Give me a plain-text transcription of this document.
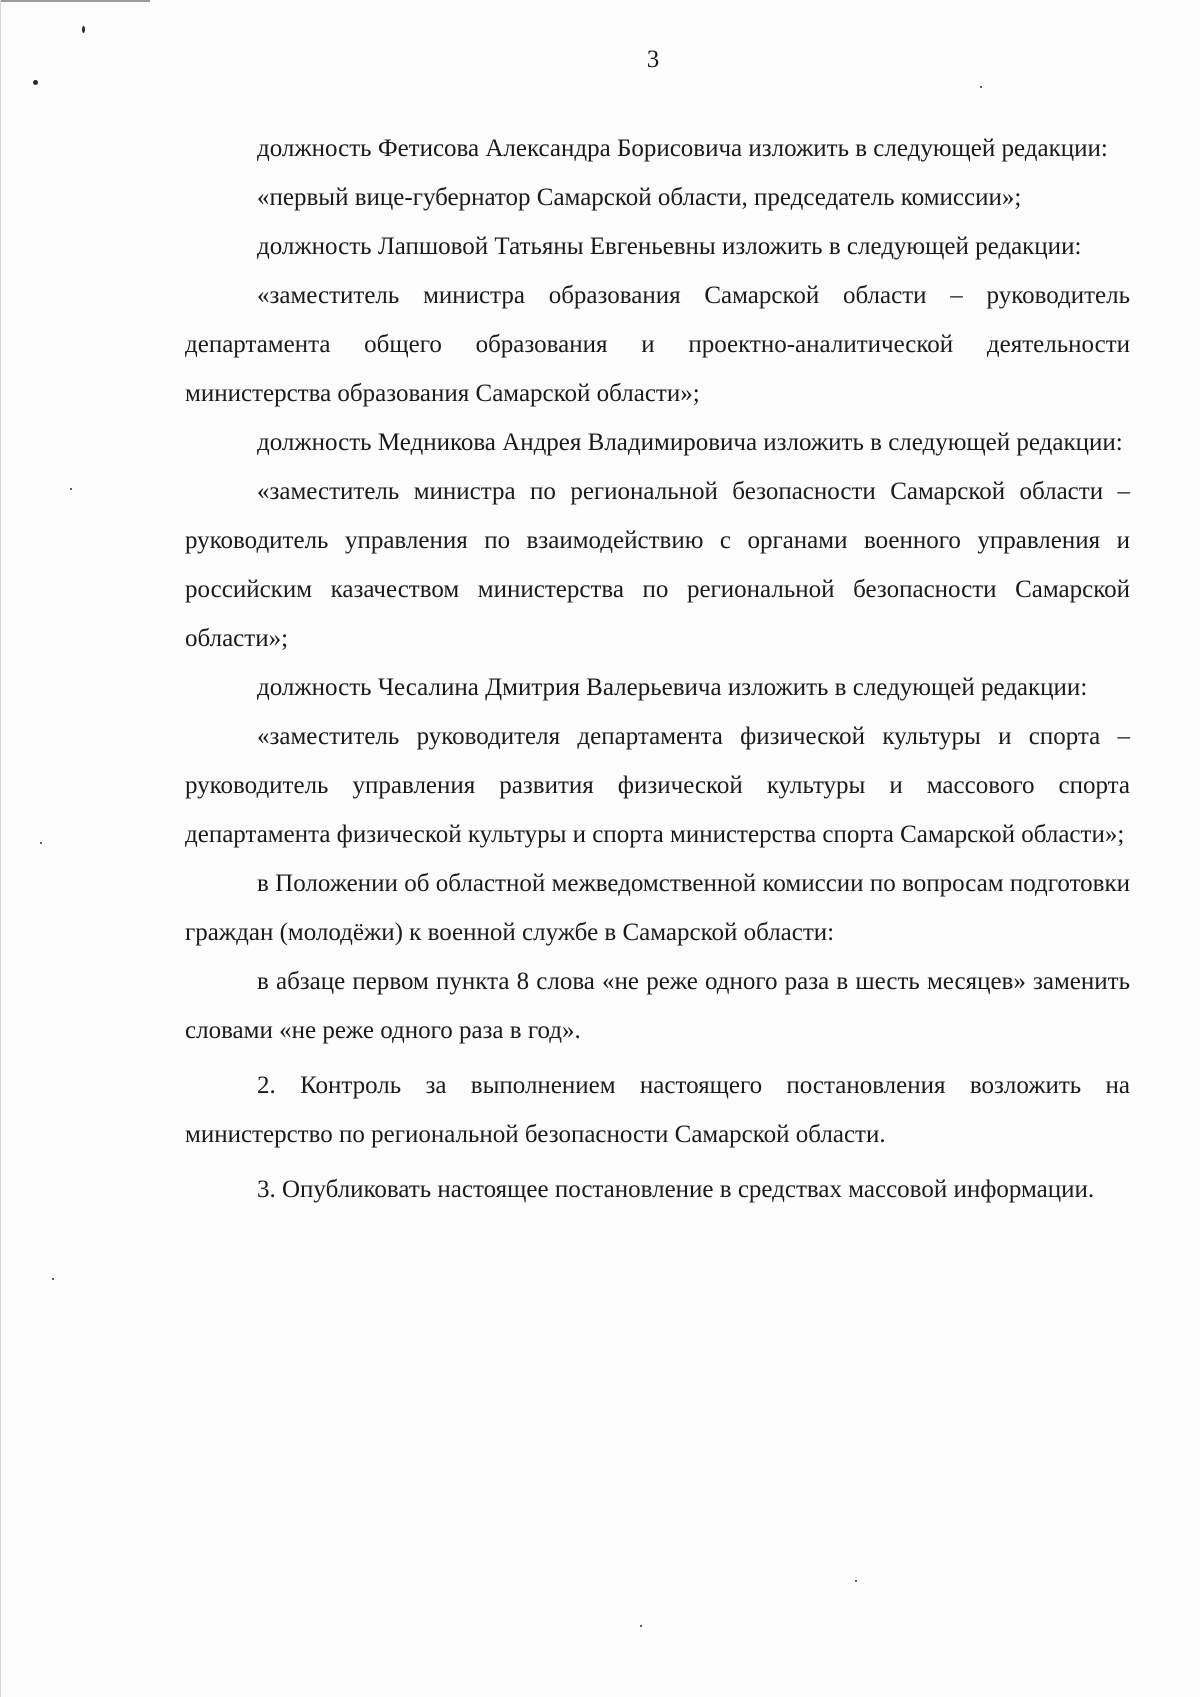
3

должность Фетисова Александра Борисовича изложить в следующей редакции:

«первый вице-губернатор Самарской области, председатель комиссии»;

должность Лапшовой Татьяны Евгеньевны изложить в следующей редакции:

«заместитель министра образования Самарской области – руководитель департамента общего образования и проектно-аналитической деятельности министерства образования Самарской области»;

должность Медникова Андрея Владимировича изложить в следующей редакции:

«заместитель министра по региональной безопасности Самарской области – руководитель управления по взаимодействию с органами военного управления и российским казачеством министерства по региональной безопасности Самарской области»;

должность Чесалина Дмитрия Валерьевича изложить в следующей редакции:

«заместитель руководителя департамента физической культуры и спорта – руководитель управления развития физической культуры и массового спорта департамента физической культуры и спорта министерства спорта Самарской области»;

в Положении об областной межведомственной комиссии по вопросам подготовки граждан (молодёжи) к военной службе в Самарской области:

в абзаце первом пункта 8 слова «не реже одного раза в шесть месяцев» заменить словами «не реже одного раза в год».

2. Контроль за выполнением настоящего постановления возложить на министерство по региональной безопасности Самарской области.

3. Опубликовать настоящее постановление в средствах массовой информации.
